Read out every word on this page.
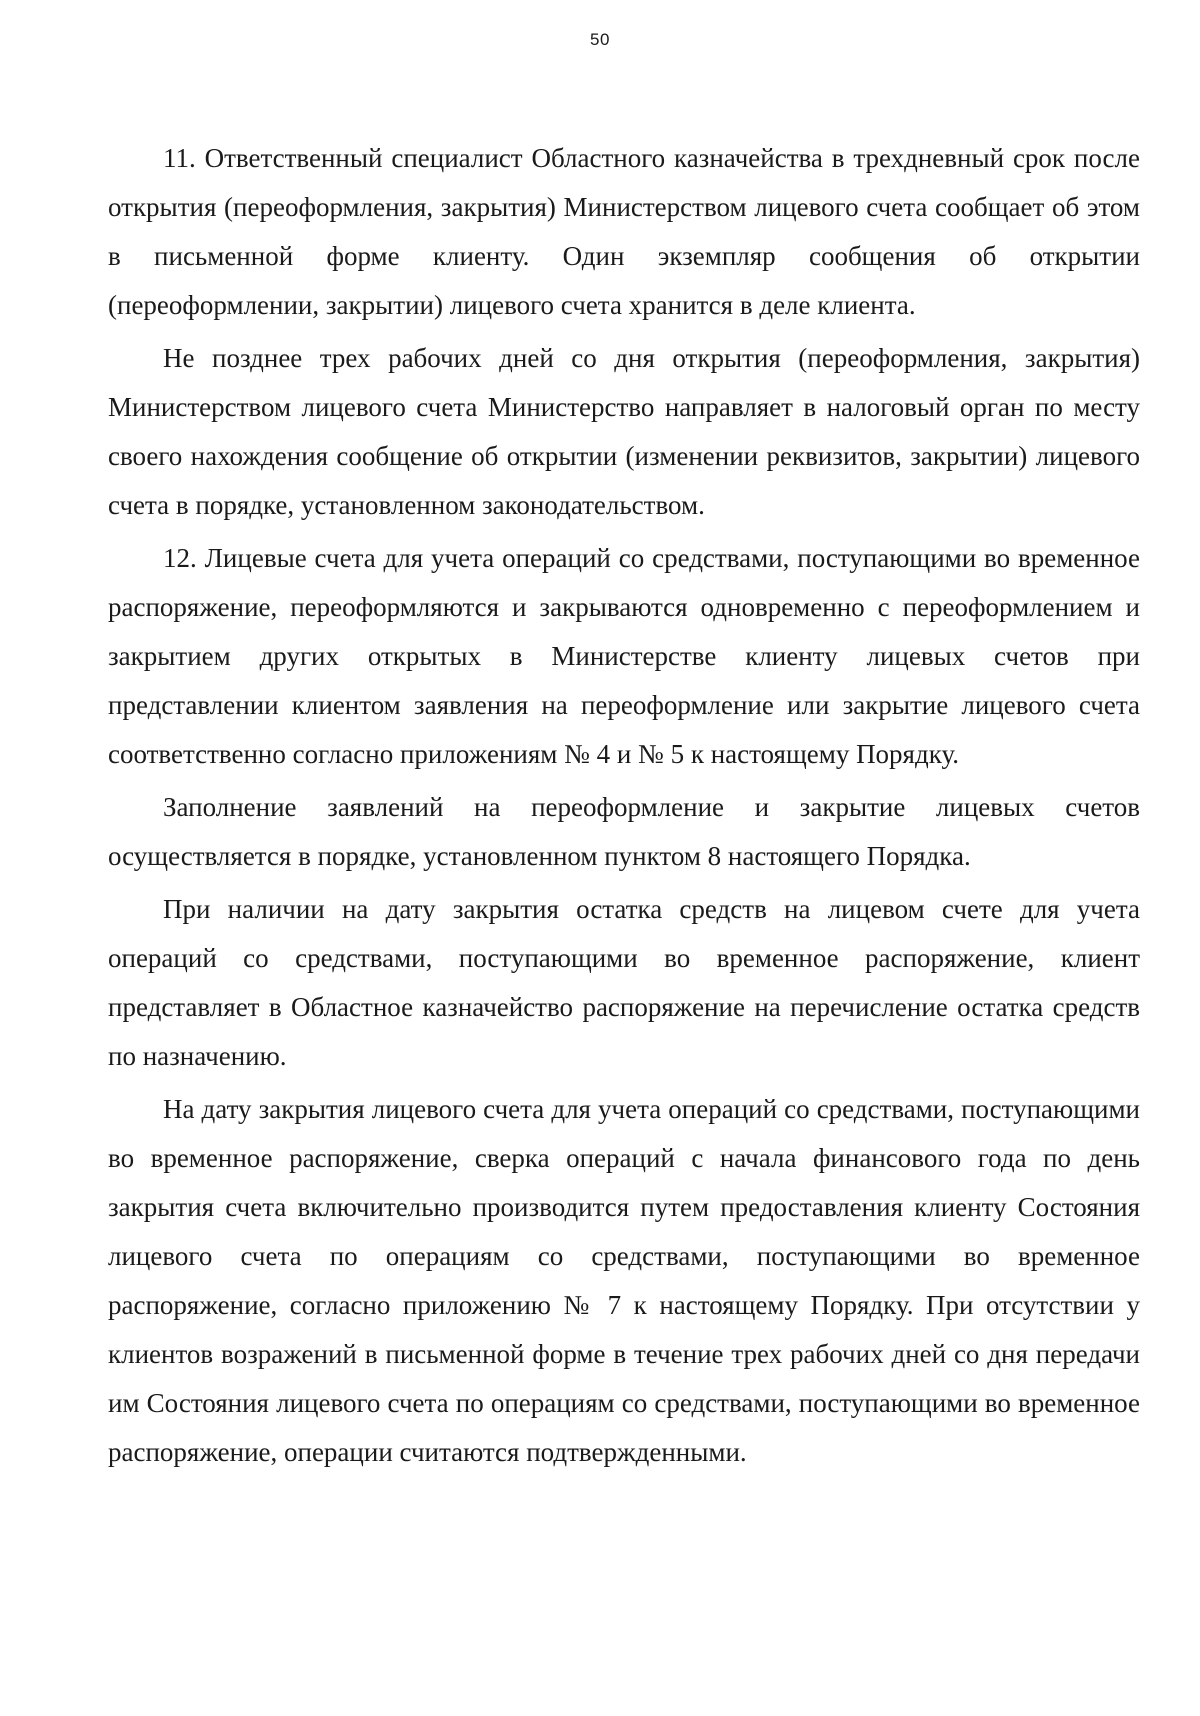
50

11. Ответственный специалист Областного казначейства в трехдневный срок после открытия (переоформления, закрытия) Министерством лицевого счета сообщает об этом в письменной форме клиенту. Один экземпляр сообщения об открытии (переоформлении, закрытии) лицевого счета хранится в деле клиента.

Не позднее трех рабочих дней со дня открытия (переоформления, закрытия) Министерством лицевого счета Министерство направляет в налоговый орган по месту своего нахождения сообщение об открытии (изменении реквизитов, закрытии) лицевого счета в порядке, установленном законодательством.

12. Лицевые счета для учета операций со средствами, поступающими во временное распоряжение, переоформляются и закрываются одновременно с переоформлением и закрытием других открытых в Министерстве клиенту лицевых счетов при представлении клиентом заявления на переоформление или закрытие лицевого счета соответственно согласно приложениям № 4 и № 5 к настоящему Порядку.

Заполнение заявлений на переоформление и закрытие лицевых счетов осуществляется в порядке, установленном пунктом 8 настоящего Порядка.

При наличии на дату закрытия остатка средств на лицевом счете для учета операций со средствами, поступающими во временное распоряжение, клиент представляет в Областное казначейство распоряжение на перечисление остатка средств по назначению.

На дату закрытия лицевого счета для учета операций со средствами, поступающими во временное распоряжение, сверка операций с начала финансового года по день закрытия счета включительно производится путем предоставления клиенту Состояния лицевого счета по операциям со средствами, поступающими во временное распоряжение, согласно приложению № 7 к настоящему Порядку. При отсутствии у клиентов возражений в письменной форме в течение трех рабочих дней со дня передачи им Состояния лицевого счета по операциям со средствами, поступающими во временное распоряжение, операции считаются подтвержденными.
